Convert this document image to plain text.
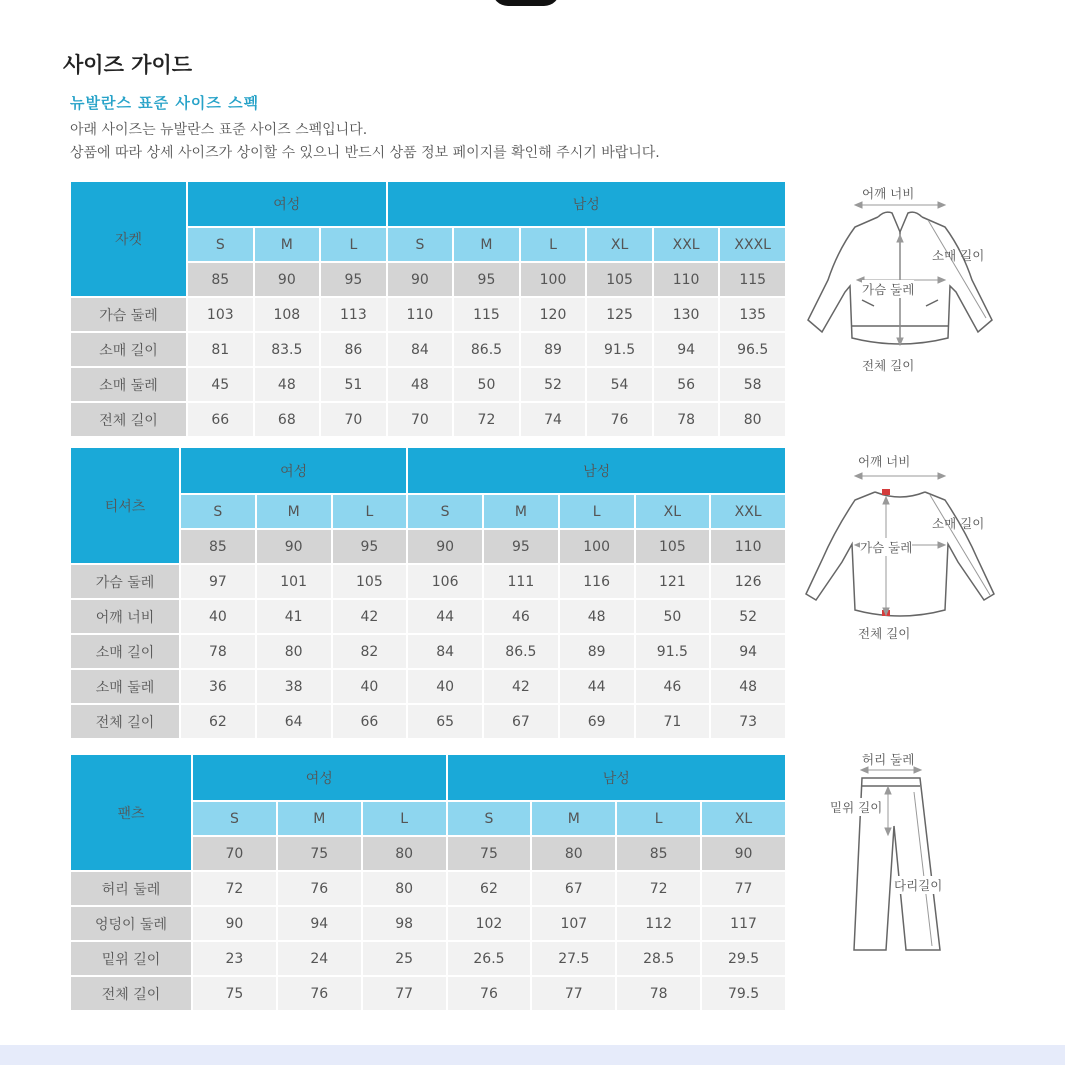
사이즈 가이드
뉴발란스 표준 사이즈 스펙
아래 사이즈는 뉴발란스 표준 사이즈 스펙입니다.
상품에 따라 상세 사이즈가 상이할 수 있으니 반드시 상품 정보 페이지를 확인해 주시기 바랍니다.
자켓	여성			남성					
	S	M	L	S	M	L	XL	XXL	XXXL
	85	90	95	90	95	100	105	110	115
가슴 둘레	103	108	113	110	115	120	125	130	135
소매 길이	81	83.5	86	84	86.5	89	91.5	94	96.5
소매 둘레	45	48	51	48	50	52	54	56	58
전체 길이	66	68	70	70	72	74	76	78	80
티셔츠	여성			남성				
	S	M	L	S	M	L	XL	XXL
	85	90	95	90	95	100	105	110
가슴 둘레	97	101	105	106	111	116	121	126
어깨 너비	40	41	42	44	46	48	50	52
소매 길이	78	80	82	84	86.5	89	91.5	94
소매 둘레	36	38	40	40	42	44	46	48
전체 길이	62	64	66	65	67	69	71	73
팬츠	여성			남성			
	S	M	L	S	M	L	XL
	70	75	80	75	80	85	90
허리 둘레	72	76	80	62	67	72	77
엉덩이 둘레	90	94	98	102	107	112	117
밑위 길이	23	24	25	26.5	27.5	28.5	29.5
전체 길이	75	76	77	76	77	78	79.5
어깨 너비
소매 길이
가슴 둘레
전체 길이
어깨 너비
소매 길이
가슴 둘레
전체 길이
허리 둘레
밑위 길이
다리길이
